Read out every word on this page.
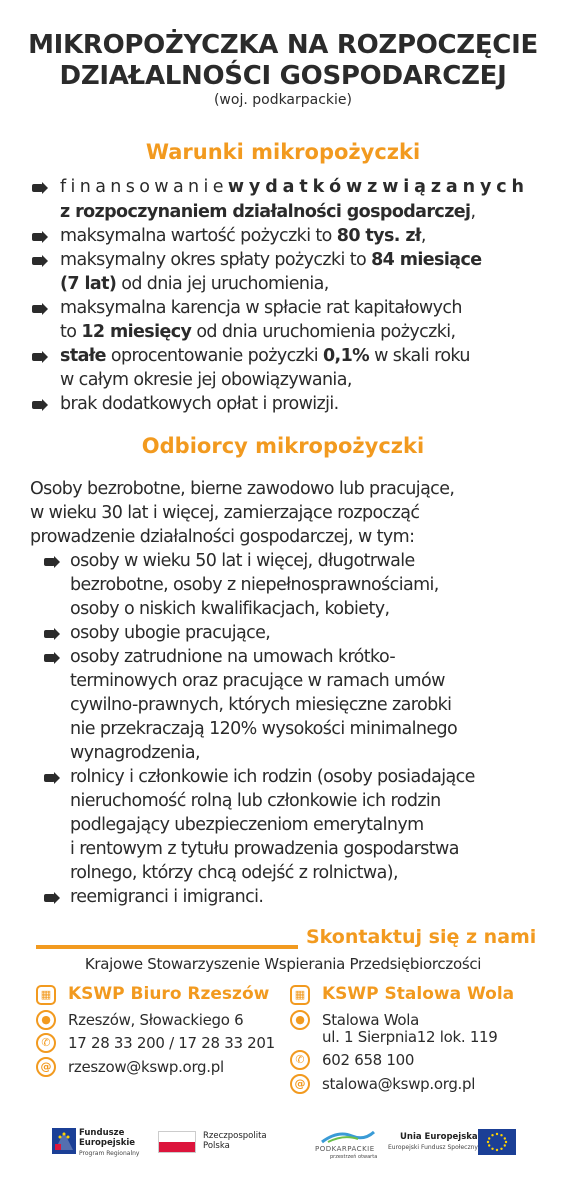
MIKROPOŻYCZKA NA ROZPOCZĘCIE
DZIAŁALNOŚCI GOSPODARCZEJ
(woj. podkarpackie)
Warunki mikropożyczki
f i n a n s o w a n i e w y d a t k ó w z w i ą z a n y c h
z rozpoczynaniem działalności gospodarczej,
maksymalna wartość pożyczki to 80 tys. zł,
maksymalny okres spłaty pożyczki to 84 miesiące
(7 lat) od dnia jej uruchomienia,
maksymalna karencja w spłacie rat kapitałowych
to 12 miesięcy od dnia uruchomienia pożyczki,
stałe oprocentowanie pożyczki 0,1% w skali roku
w całym okresie jej obowiązywania,
brak dodatkowych opłat i prowizji.
Odbiorcy mikropożyczki
Osoby bezrobotne, bierne zawodowo lub pracujące,
w wieku 30 lat i więcej, zamierzające rozpocząć
prowadzenie działalności gospodarczej, w tym:
osoby w wieku 50 lat i więcej, długotrwale
bezrobotne, osoby z niepełnosprawnościami,
osoby o niskich kwalifikacjach, kobiety,
osoby ubogie pracujące,
osoby zatrudnione na umowach krótko-
terminowych oraz pracujące w ramach umów
cywilno-prawnych, których miesięczne zarobki
nie przekraczają 120% wysokości minimalnego
wynagrodzenia,
rolnicy i członkowie ich rodzin (osoby posiadające
nieruchomość rolną lub członkowie ich rodzin
podlegający ubezpieczeniom emerytalnym
i rentowym z tytułu prowadzenia gospodarstwa
rolnego, którzy chcą odejść z rolnictwa),
reemigranci i imigranci.
Skontaktuj się z nami
Krajowe Stowarzyszenie Wspierania Przedsiębiorczości
▦ KSWP Biuro Rzeszów
●	Rzeszów, Słowackiego 6
✆	17 28 33 200 / 17 28 33 201
@	rzeszow@kswp.org.pl
▦ KSWP Stalowa Wola
●	Stalowa Wola
ul. 1 Sierpnia12 lok. 119
✆	602 658 100
@	stalowa@kswp.org.pl
Fundusze
Europejskie
Program Regionalny
Rzeczpospolita
Polska	PODKARPACKIE
przestrzeń otwarta
Unia Europejska
Europejski Fundusz Społeczny
